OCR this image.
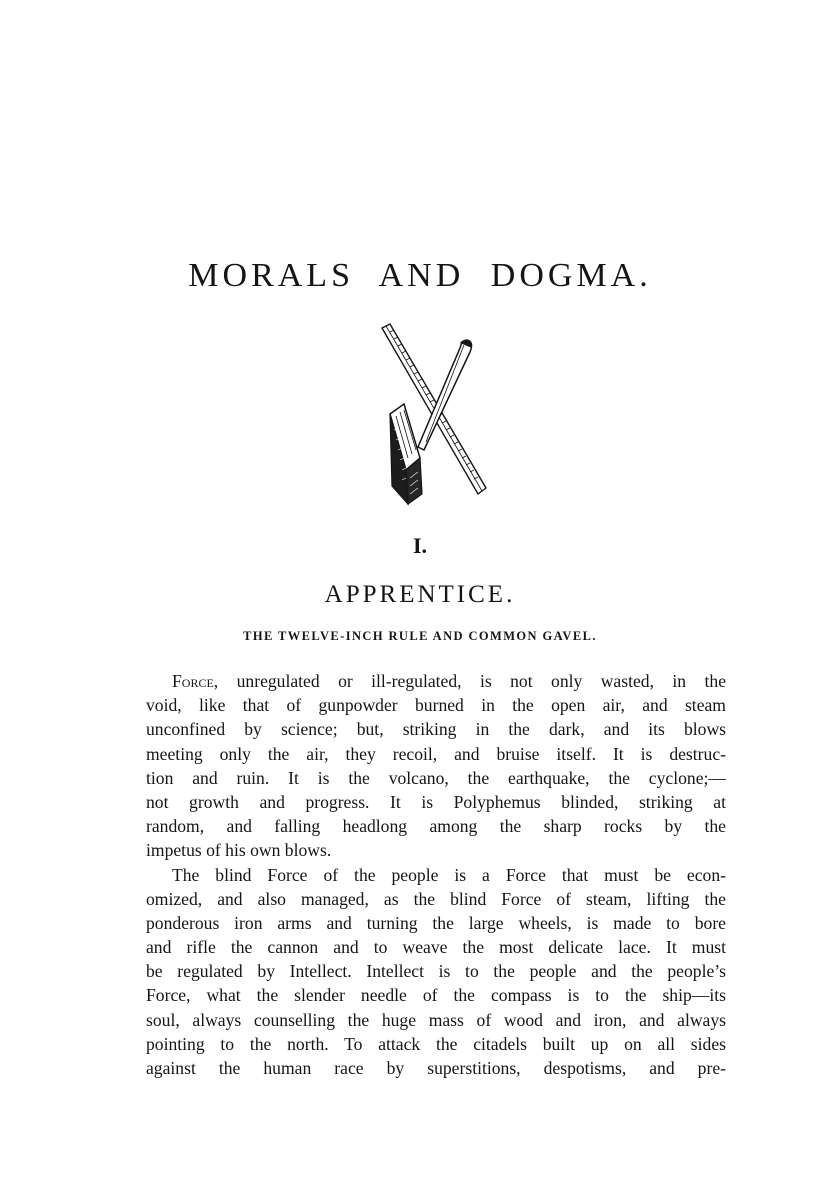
MORALS AND DOGMA.
I.
APPRENTICE.
THE TWELVE-INCH RULE AND COMMON GAVEL.
Force, unregulated or ill-regulated, is not only wasted, in the
void, like that of gunpowder burned in the open air, and steam
unconfined by science; but, striking in the dark, and its blows
meeting only the air, they recoil, and bruise itself. It is destruc-
tion and ruin. It is the volcano, the earthquake, the cyclone;—
not growth and progress. It is Polyphemus blinded, striking at
random, and falling headlong among the sharp rocks by the
impetus of his own blows.
The blind Force of the people is a Force that must be econ-
omized, and also managed, as the blind Force of steam, lifting the
ponderous iron arms and turning the large wheels, is made to bore
and rifle the cannon and to weave the most delicate lace. It must
be regulated by Intellect. Intellect is to the people and the people’s
Force, what the slender needle of the compass is to the ship—its
soul, always counselling the huge mass of wood and iron, and always
pointing to the north. To attack the citadels built up on all sides
against the human race by superstitions, despotisms, and pre-
